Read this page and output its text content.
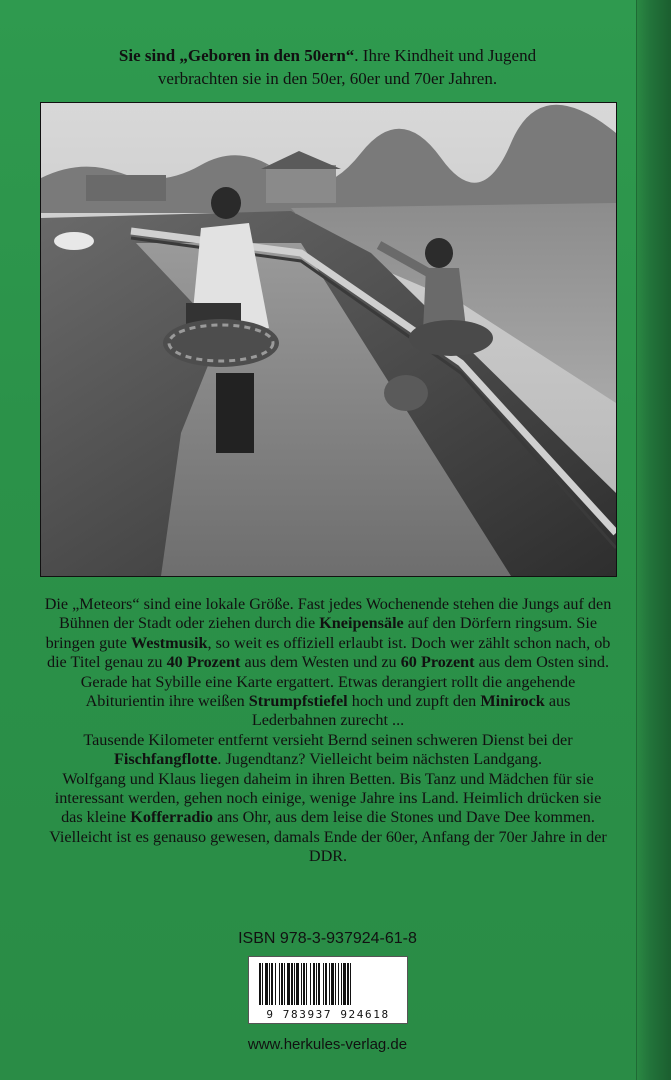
Sie sind „Geboren in den 50ern“. Ihre Kindheit und Jugend
verbrachten sie in den 50er, 60er und 70er Jahren.

Die „Meteors“ sind eine lokale Größe. Fast jedes Wochenende stehen die Jungs auf den Bühnen der Stadt oder ziehen durch die Kneipensäle auf den Dörfern ringsum. Sie bringen gute Westmusik, so weit es offiziell erlaubt ist. Doch wer zählt schon nach, ob die Titel genau zu 40 Prozent aus dem Westen und zu 60 Prozent aus dem Osten sind.

Gerade hat Sybille eine Karte ergattert. Etwas derangiert rollt die angehende Abiturientin ihre weißen Strumpfstiefel hoch und zupft den Minirock aus Lederbahnen zurecht ...

Tausende Kilometer entfernt versieht Bernd seinen schweren Dienst bei der Fischfangflotte. Jugendtanz? Vielleicht beim nächsten Landgang.

Wolfgang und Klaus liegen daheim in ihren Betten. Bis Tanz und Mädchen für sie interessant werden, gehen noch einige, wenige Jahre ins Land. Heimlich drücken sie das kleine Kofferradio ans Ohr, aus dem leise die Stones und Dave Dee kommen.

Vielleicht ist es genauso gewesen, damals Ende der 60er, Anfang der 70er Jahre in der DDR.

ISBN 978-3-937924-61-8
9 783937 924618
www.herkules-verlag.de
